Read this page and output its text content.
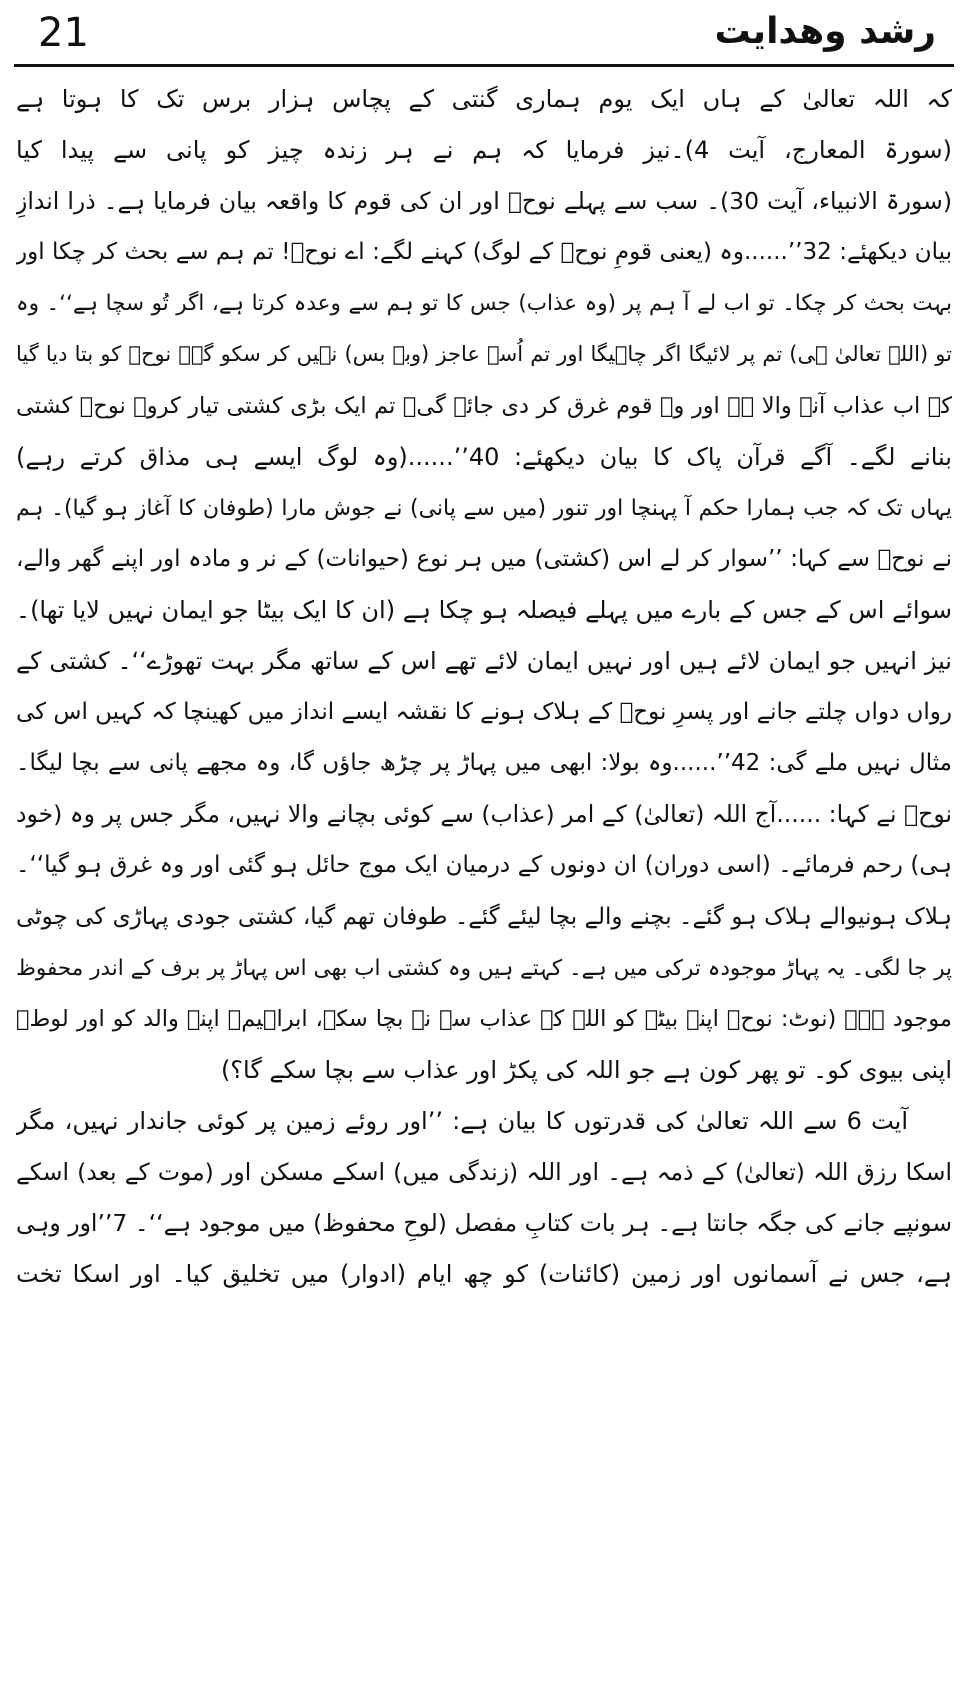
21	رشد وھدایت
کہ اللہ تعالیٰ کے ہاں ایک یوم ہماری گنتی کے پچاس ہزار برس تک کا ہوتا ہے
(سورۃ المعارج، آیت 4)۔نیز فرمایا کہ ہم نے ہر زندہ چیز کو پانی سے پیدا کیا
(سورۃ الانبیاء، آیت 30)۔ سب سے پہلے نوحؑ اور ان کی قوم کا واقعہ بیان فرمایا ہے۔ ذرا اندازِ
بیان دیکھئے: 32’’......وہ (یعنی قومِ نوحؑ کے لوگ) کہنے لگے: اے نوحؑ! تم ہم سے بحث کر چکا اور
بہت بحث کر چکا۔ تو اب لے آ ہم پر (وہ عذاب) جس کا تو ہم سے وعدہ کرتا ہے، اگر تُو سچا ہے‘‘۔ وہ
تو (اللہ تعالیٰ ہی) تم پر لائیگا اگر چاہیگا اور تم اُسے عاجز (وبے بس) نہیں کر سکو گے۔ نوحؑ کو بتا دیا گیا
کہ اب عذاب آنے والا ہے اور وہ قوم غرق کر دی جائے گی۔ تم ایک بڑی کشتی تیار کرو۔ نوحؑ کشتی
بنانے لگے۔ آگے قرآن پاک کا بیان دیکھئے: 40’’......(وہ لوگ ایسے ہی مذاق کرتے رہے)
یہاں تک کہ جب ہمارا حکم آ پہنچا اور تنور (میں سے پانی) نے جوش مارا (طوفان کا آغاز ہو گیا)۔ ہم
نے نوحؑ سے کہا: ’’سوار کر لے اس (کشتی) میں ہر نوع (حیوانات) کے نر و مادہ اور اپنے گھر والے،
سوائے اس کے جس کے بارے میں پہلے فیصلہ ہو چکا ہے (ان کا ایک بیٹا جو ایمان نہیں لایا تھا)۔
نیز انہیں جو ایمان لائے ہیں اور نہیں ایمان لائے تھے اس کے ساتھ مگر بہت تھوڑے‘‘۔ کشتی کے
رواں دواں چلتے جانے اور پسرِ نوحؑ کے ہلاک ہونے کا نقشہ ایسے انداز میں کھینچا کہ کہیں اس کی
مثال نہیں ملے گی: 42’’......وہ بولا: ابھی میں پہاڑ پر چڑھ جاؤں گا، وہ مجھے پانی سے بچا لیگا۔
نوحؑ نے کہا: ......آج اللہ (تعالیٰ) کے امر (عذاب) سے کوئی بچانے والا نہیں، مگر جس پر وہ (خود
ہی) رحم فرمائے۔ (اسی دوران) ان دونوں کے درمیان ایک موج حائل ہو گئی اور وہ غرق ہو گیا‘‘۔
ہلاک ہونیوالے ہلاک ہو گئے۔ بچنے والے بچا لیئے گئے۔ طوفان تھم گیا، کشتی جودی پہاڑی کی چوٹی
پر جا لگی۔ یہ پہاڑ موجودہ ترکی میں ہے۔ کہتے ہیں وہ کشتی اب بھی اس پہاڑ پر برف کے اندر محفوظ
موجود ہے۔ (نوٹ: نوحؑ اپنے بیٹے کو اللہ کے عذاب سے نہ بچا سکے، ابراہیمؑ اپنے والد کو اور لوطؑ
اپنی بیوی کو۔ تو پھر کون ہے جو اللہ کی پکڑ اور عذاب سے بچا سکے گا؟)
آیت 6 سے اللہ تعالیٰ کی قدرتوں کا بیان ہے: ’’اور روئے زمین پر کوئی جاندار نہیں، مگر
اسکا رزق اللہ (تعالیٰ) کے ذمہ ہے۔ اور اللہ (زندگی میں) اسکے مسکن اور (موت کے بعد) اسکے
سونپے جانے کی جگہ جانتا ہے۔ ہر بات کتابِ مفصل (لوحِ محفوظ) میں موجود ہے‘‘۔ 7’’اور وہی
ہے، جس نے آسمانوں اور زمین (کائنات) کو چھ ایام (ادوار) میں تخلیق کیا۔ اور اسکا تخت
